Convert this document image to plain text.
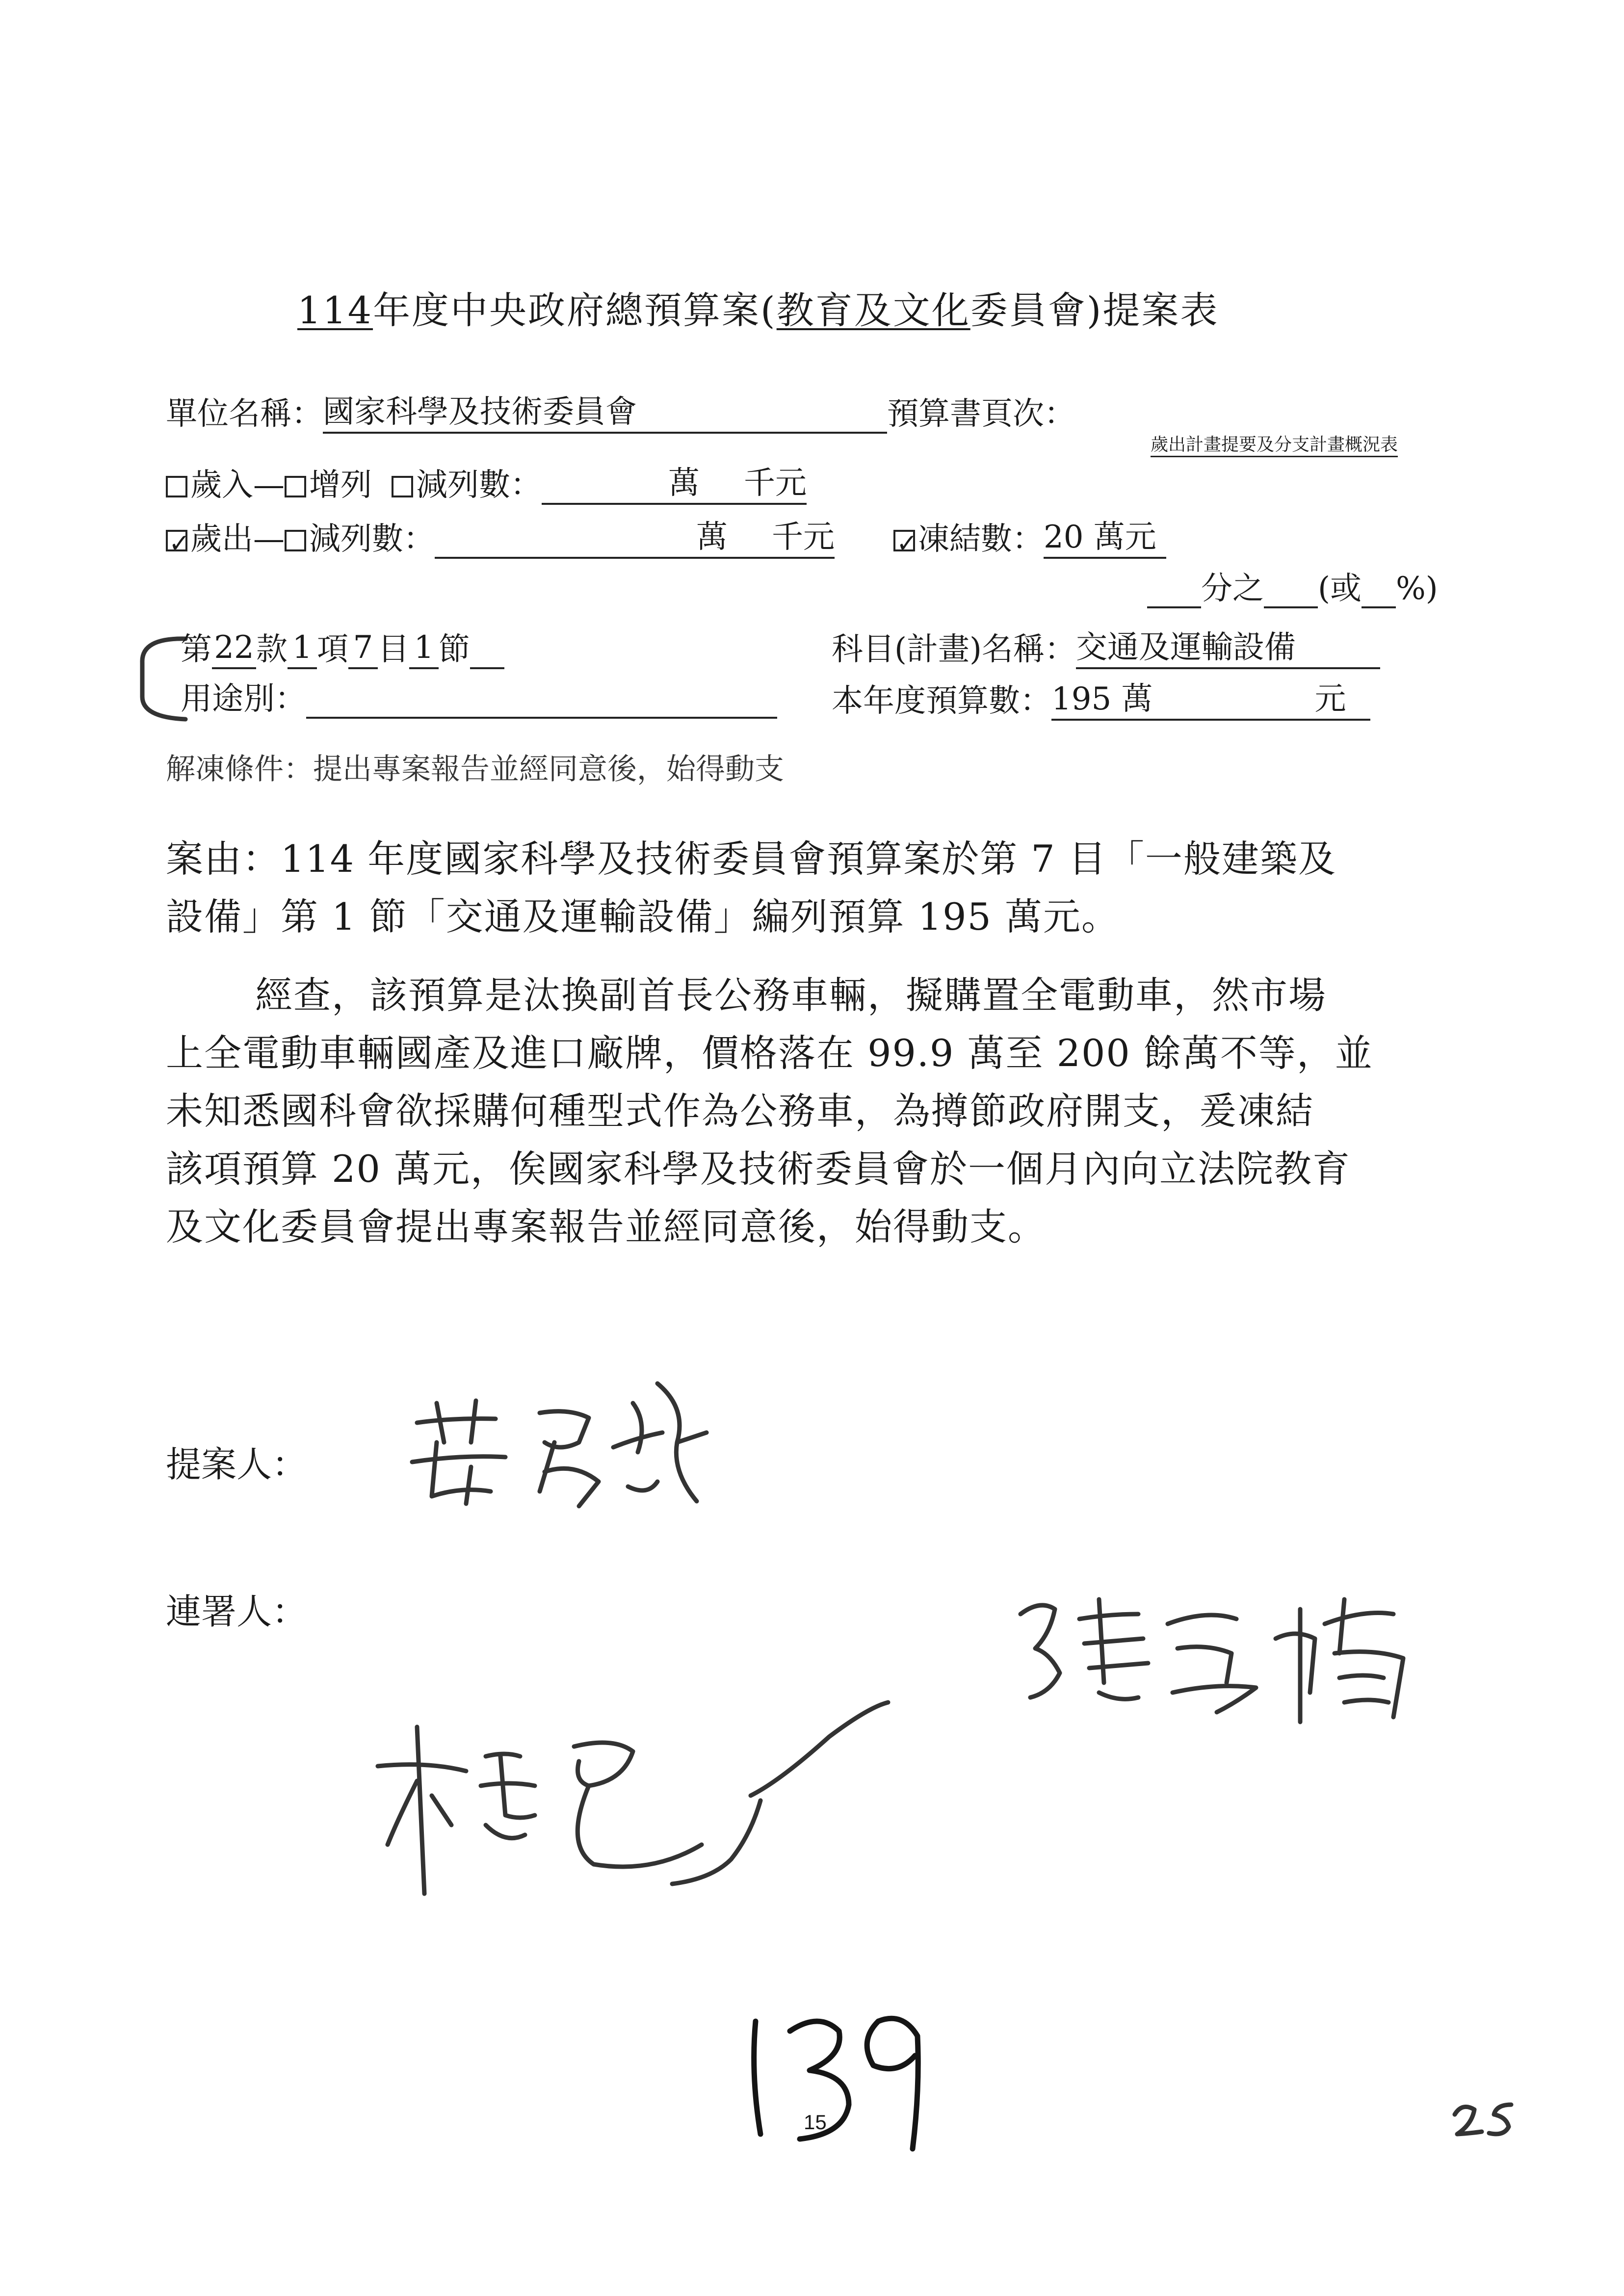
114年度中央政府總預算案(教育及文化委員會)提案表
單位名稱：國家科學及技術委員會	預算書頁次：
歲出計畫提要及分支計畫概況表
歲入— 增列 減列數：	萬 千元
✓歲出— 減列數：	萬 千元✓	凍結數：20 萬元
分之 (或 %)
第22款 1 項 7 目 1 節	科目(計畫)名稱：交通及運輸設備
用途別：	本年度預算數：195 萬	元
解凍條件：提出專案報告並經同意後，始得動支
案由：114 年度國家科學及技術委員會預算案於第 7 目「一般建築及
設備」第 1 節「交通及運輸設備」編列預算 195 萬元。
經查，該預算是汰換副首長公務車輛，擬購置全電動車，然市場
上全電動車輛國產及進口廠牌，價格落在 99.9 萬至 200 餘萬不等，並
未知悉國科會欲採購何種型式作為公務車，為撙節政府開支，爰凍結
該項預算 20 萬元，俟國家科學及技術委員會於一個月內向立法院教育
及文化委員會提出專案報告並經同意後，始得動支。
提案人：
連署人：
15
